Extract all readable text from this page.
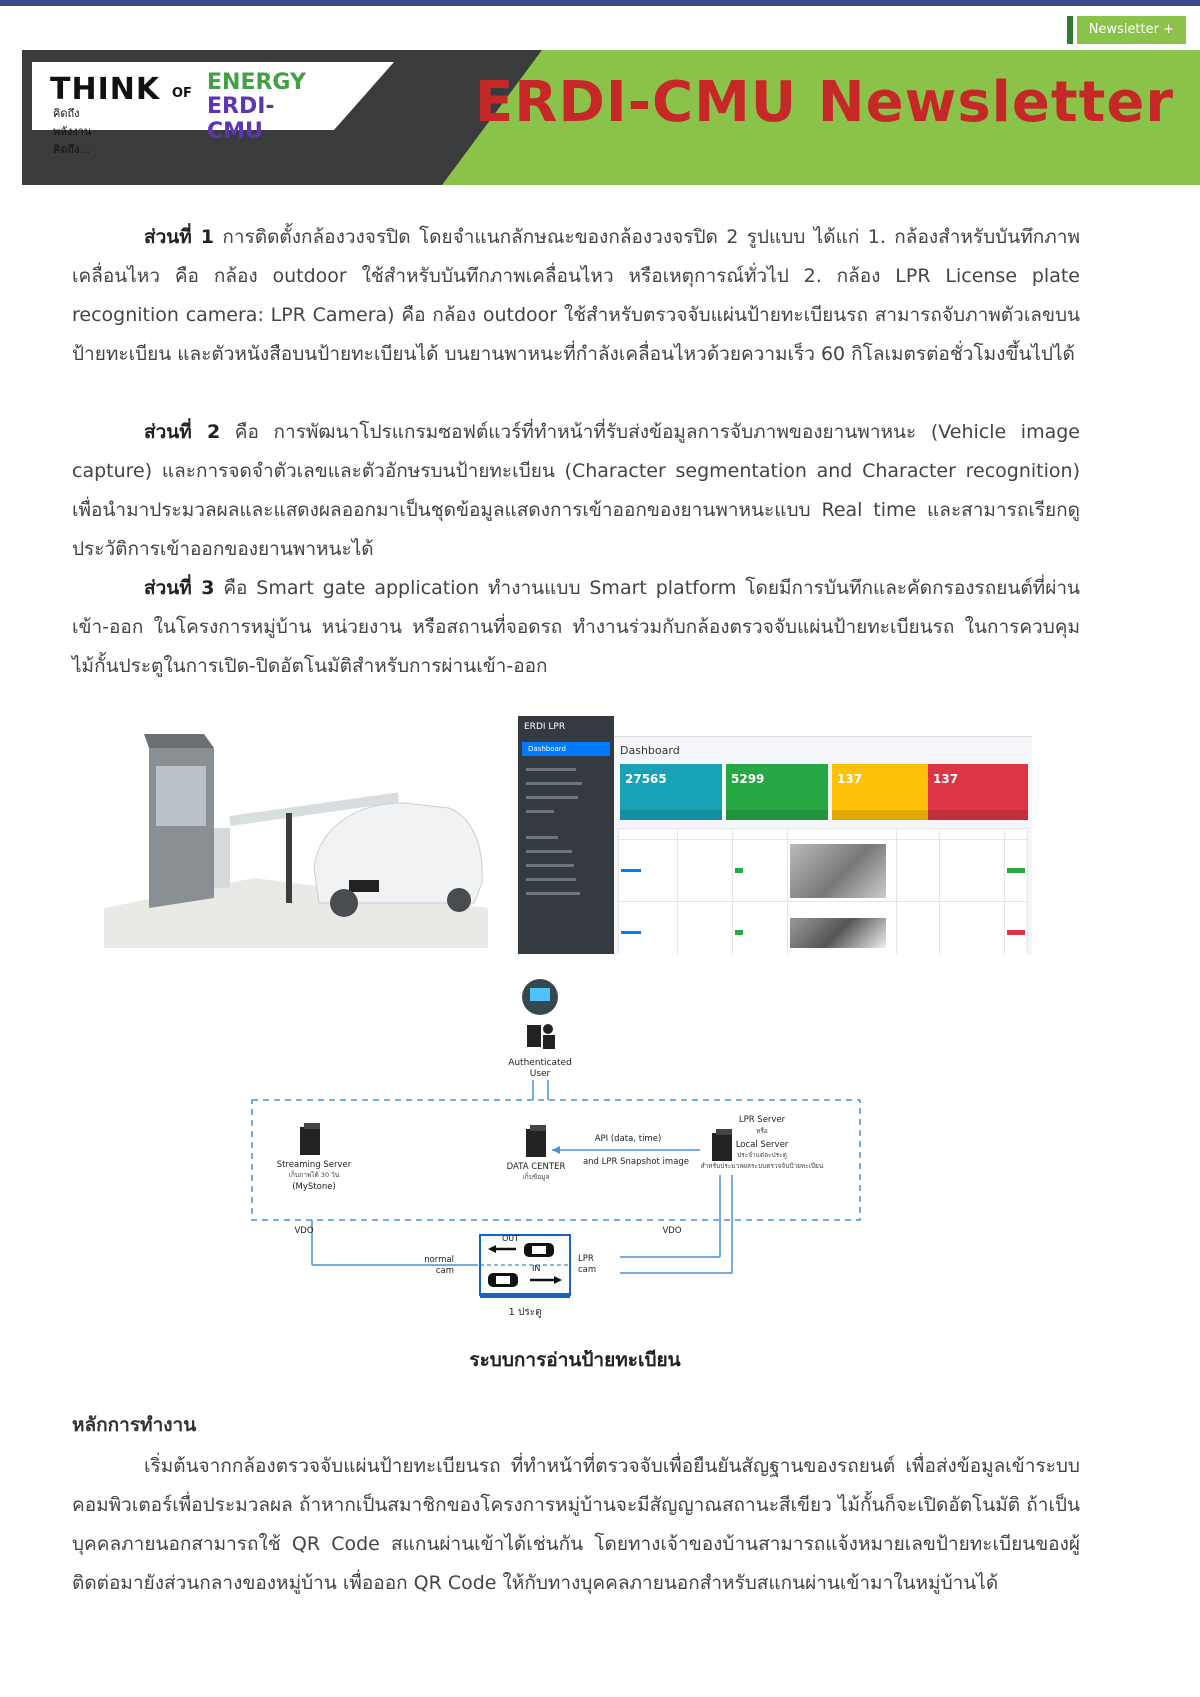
Newsletter +
THINK OF ENERGY
ERDI-CMU
คิดถึงพลังงาน คิดถึง...
ERDI-CMU Newsletter

ส่วนที่ 1 การติดตั้งกล้องวงจรปิด โดยจำแนกลักษณะของกล้องวงจรปิด 2 รูปแบบ ได้แก่ 1. กล้องสำหรับบันทึกภาพเคลื่อนไหว คือ กล้อง outdoor ใช้สำหรับบันทึกภาพเคลื่อนไหว หรือเหตุการณ์ทั่วไป 2. กล้อง LPR License plate recognition camera: LPR Camera) คือ กล้อง outdoor ใช้สำหรับตรวจจับแผ่นป้ายทะเบียนรถ สามารถจับภาพตัวเลขบนป้ายทะเบียน และตัวหนังสือบนป้ายทะเบียนได้ บนยานพาหนะที่กำลังเคลื่อนไหวด้วยความเร็ว 60 กิโลเมตรต่อชั่วโมงขึ้นไปได้

ส่วนที่ 2 คือ การพัฒนาโปรแกรมซอฟต์แวร์ที่ทำหน้าที่รับส่งข้อมูลการจับภาพของยานพาหนะ (Vehicle image capture) และการจดจำตัวเลขและตัวอักษรบนป้ายทะเบียน (Character segmentation and Character recognition) เพื่อนำมาประมวลผลและแสดงผลออกมาเป็นชุดข้อมูลแสดงการเข้าออกของยานพาหนะแบบ Real time และสามารถเรียกดูประวัติการเข้าออกของยานพาหนะได้

ส่วนที่ 3 คือ Smart gate application ทำงานแบบ Smart platform โดยมีการบันทึกและคัดกรองรถยนต์ที่ผ่านเข้า-ออก ในโครงการหมู่บ้าน หน่วยงาน หรือสถานที่จอดรถ ทำงานร่วมกับกล้องตรวจจับแผ่นป้ายทะเบียนรถ ในการควบคุมไม้กั้นประตูในการเปิด-ปิดอัตโนมัติสำหรับการผ่านเข้า-ออก

ERDI LPR
Dashboard	Dashboard
27565	5299	137	137

Authenticated
User
Streaming Server
เก็บภาพได้ 30 วัน
(MyStone)
DATA CENTER
เก็บข้อมูล
API (data, time)
and LPR Snapshot image
LPR Server
หรือ
Local Server
ประจำแต่ละประตู
สำหรับประมวลผลระบบตรวจจับป้ายทะเบียน
VDO
normal
cam
VDO
LPR
cam
OUT
IN
1 ประตู
ระบบการอ่านป้ายทะเบียน
หลักการทำงาน

เริ่มต้นจากกล้องตรวจจับแผ่นป้ายทะเบียนรถ ที่ทำหน้าที่ตรวจจับเพื่อยืนยันสัญฐานของรถยนต์ เพื่อส่งข้อมูลเข้าระบบคอมพิวเตอร์เพื่อประมวลผล ถ้าหากเป็นสมาชิกของโครงการหมู่บ้านจะมีสัญญาณสถานะสีเขียว ไม้กั้นก็จะเปิดอัตโนมัติ ถ้าเป็นบุคคลภายนอกสามารถใช้ QR Code สแกนผ่านเข้าได้เช่นกัน โดยทางเจ้าของบ้านสามารถแจ้งหมายเลขป้ายทะเบียนของผู้ติดต่อมายังส่วนกลางของหมู่บ้าน เพื่อออก QR Code ให้กับทางบุคคลภายนอกสำหรับสแกนผ่านเข้ามาในหมู่บ้านได้
